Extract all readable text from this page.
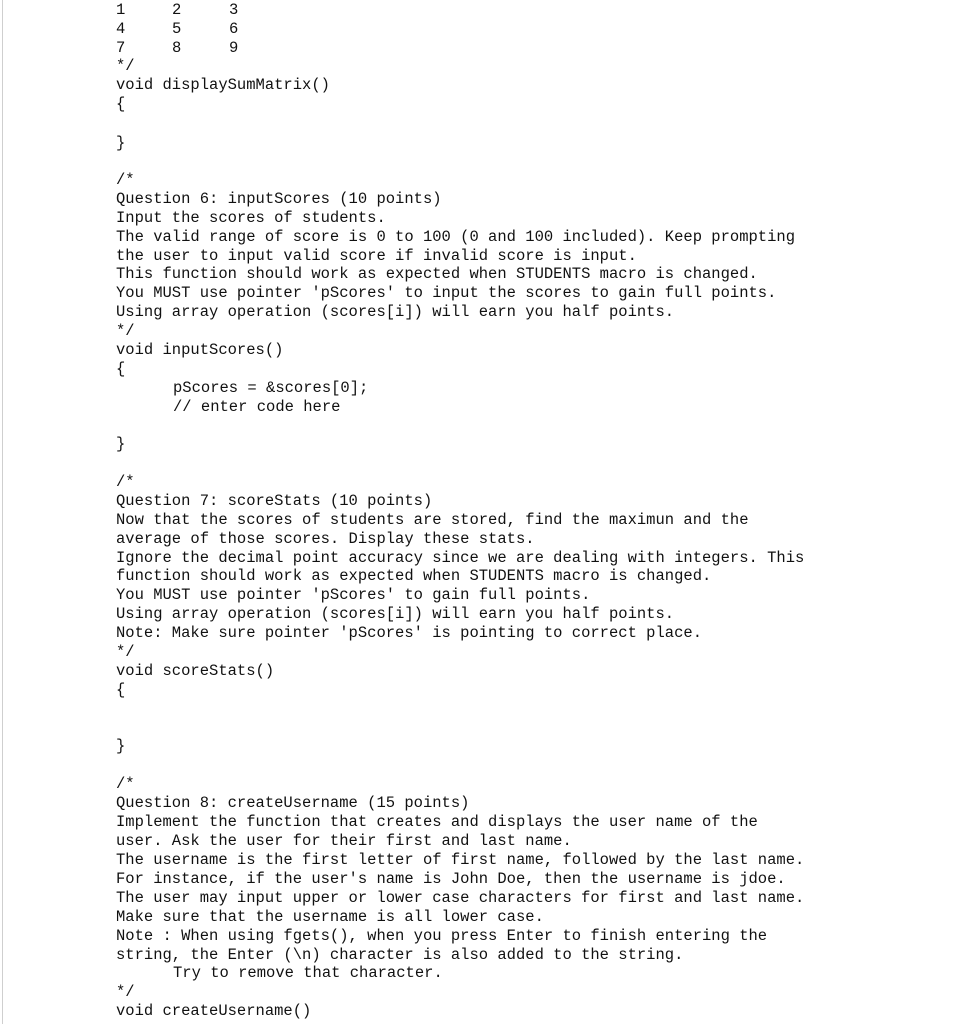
1	2	3
4	5	6
7	8	9
*/
void displaySumMatrix()
{
}
/*
Question 6: inputScores (10 points)
Input the scores of students.
The valid range of score is 0 to 100 (0 and 100 included). Keep prompting
the user to input valid score if invalid score is input.
This function should work as expected when STUDENTS macro is changed.
You MUST use pointer 'pScores' to input the scores to gain full points.
Using array operation (scores[i]) will earn you half points.
*/
void inputScores()
{
pScores = &scores[0];
// enter code here
}
/*
Question 7: scoreStats (10 points)
Now that the scores of students are stored, find the maximun and the
average of those scores. Display these stats.
Ignore the decimal point accuracy since we are dealing with integers. This
function should work as expected when STUDENTS macro is changed.
You MUST use pointer 'pScores' to gain full points.
Using array operation (scores[i]) will earn you half points.
Note: Make sure pointer 'pScores' is pointing to correct place.
*/
void scoreStats()
{
}
/*
Question 8: createUsername (15 points)
Implement the function that creates and displays the user name of the
user. Ask the user for their first and last name.
The username is the first letter of first name, followed by the last name.
For instance, if the user's name is John Doe, then the username is jdoe.
The user may input upper or lower case characters for first and last name.
Make sure that the username is all lower case.
Note : When using fgets(), when you press Enter to finish entering the
string, the Enter (\n) character is also added to the string.
Try to remove that character.
*/
void createUsername()
